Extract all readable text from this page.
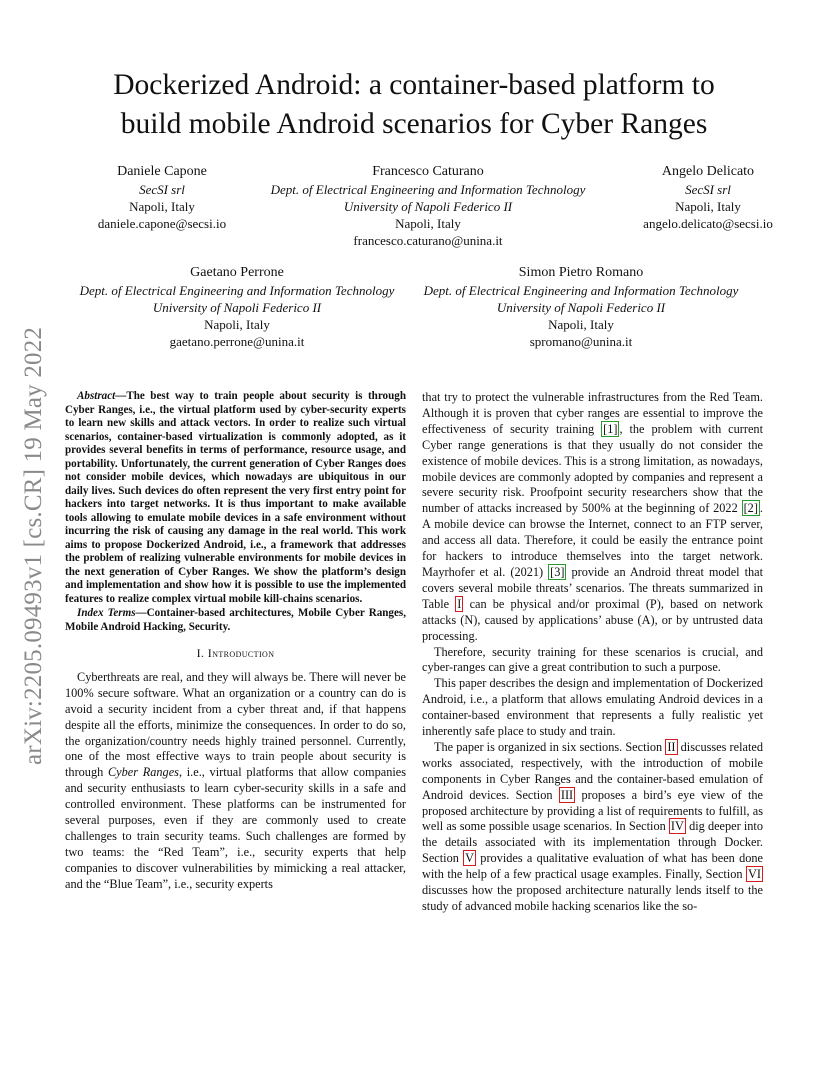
Dockerized Android: a container-based platform to
build mobile Android scenarios for Cyber Ranges
Daniele Capone
SecSI srl
Napoli, Italy
daniele.capone@secsi.io
Francesco Caturano
Dept. of Electrical Engineering and Information Technology
University of Napoli Federico II
Napoli, Italy
francesco.caturano@unina.it
Angelo Delicato
SecSI srl
Napoli, Italy
angelo.delicato@secsi.io
Gaetano Perrone
Dept. of Electrical Engineering and Information Technology
University of Napoli Federico II
Napoli, Italy
gaetano.perrone@unina.it
Simon Pietro Romano
Dept. of Electrical Engineering and Information Technology
University of Napoli Federico II
Napoli, Italy
spromano@unina.it
arXiv:2205.09493v1 [cs.CR] 19 May 2022	Abstract—The best way to train people about security is through Cyber Ranges, i.e., the virtual platform used by cyber-security experts to learn new skills and attack vectors. In order to realize such virtual scenarios, container-based virtualization is commonly adopted, as it provides several benefits in terms of performance, resource usage, and portability. Unfortunately, the current generation of Cyber Ranges does not consider mobile devices, which nowadays are ubiquitous in our daily lives. Such devices do often represent the very first entry point for hackers into target networks. It is thus important to make available tools allowing to emulate mobile devices in a safe environment without incurring the risk of causing any damage in the real world. This work aims to propose Dockerized Android, i.e., a framework that addresses the problem of realizing vulnerable environments for mobile devices in the next generation of Cyber Ranges. We show the platform’s design and implementation and show how it is possible to use the implemented features to realize complex virtual mobile kill-chains scenarios.

Index Terms—Container-based architectures, Mobile Cyber Ranges, Mobile Android Hacking, Security.

I. Introduction

Cyberthreats are real, and they will always be. There will never be 100% secure software. What an organization or a country can do is avoid a security incident from a cyber threat and, if that happens despite all the efforts, minimize the consequences. In order to do so, the organization/country needs highly trained personnel. Currently, one of the most effective ways to train people about security is through Cyber Ranges, i.e., virtual platforms that allow companies and security enthusiasts to learn cyber-security skills in a safe and controlled environment. These platforms can be instrumented for several purposes, even if they are commonly used to create challenges to train security teams. Such challenges are formed by two teams: the “Red Team”, i.e., security experts that help companies to discover vulnerabilities by mimicking a real attacker, and the “Blue Team”, i.e., security experts

that try to protect the vulnerable infrastructures from the Red Team. Although it is proven that cyber ranges are essential to improve the effectiveness of security training [1] , the problem with current Cyber range generations is that they usually do not consider the existence of mobile devices. This is a strong limitation, as nowadays, mobile devices are commonly adopted by companies and represent a severe security risk. Proofpoint security researchers show that the number of attacks increased by 500% at the beginning of 2022 [2] . A mobile device can browse the Internet, connect to an FTP server, and access all data. Therefore, it could be easily the entrance point for hackers to introduce themselves into the target network. Mayrhofer et al. (2021) [3] provide an Android threat model that covers several mobile threats’ scenarios. The threats summarized in Table I can be physical and/or proximal (P), based on network attacks (N), caused by applications’ abuse (A), or by untrusted data processing.

Therefore, security training for these scenarios is crucial, and cyber-ranges can give a great contribution to such a purpose.

This paper describes the design and implementation of Dockerized Android, i.e., a platform that allows emulating Android devices in a container-based environment that represents a fully realistic yet inherently safe place to study and train.

The paper is organized in six sections. Section II discusses related works associated, respectively, with the introduction of mobile components in Cyber Ranges and the container-based emulation of Android devices. Section III proposes a bird’s eye view of the proposed architecture by providing a list of requirements to fulfill, as well as some possible usage scenarios. In Section IV dig deeper into the details associated with its implementation through Docker. Section V provides a qualitative evaluation of what has been done with the help of a few practical usage examples. Finally, Section VI discusses how the proposed architecture naturally lends itself to the study of advanced mobile hacking scenarios like the so-
